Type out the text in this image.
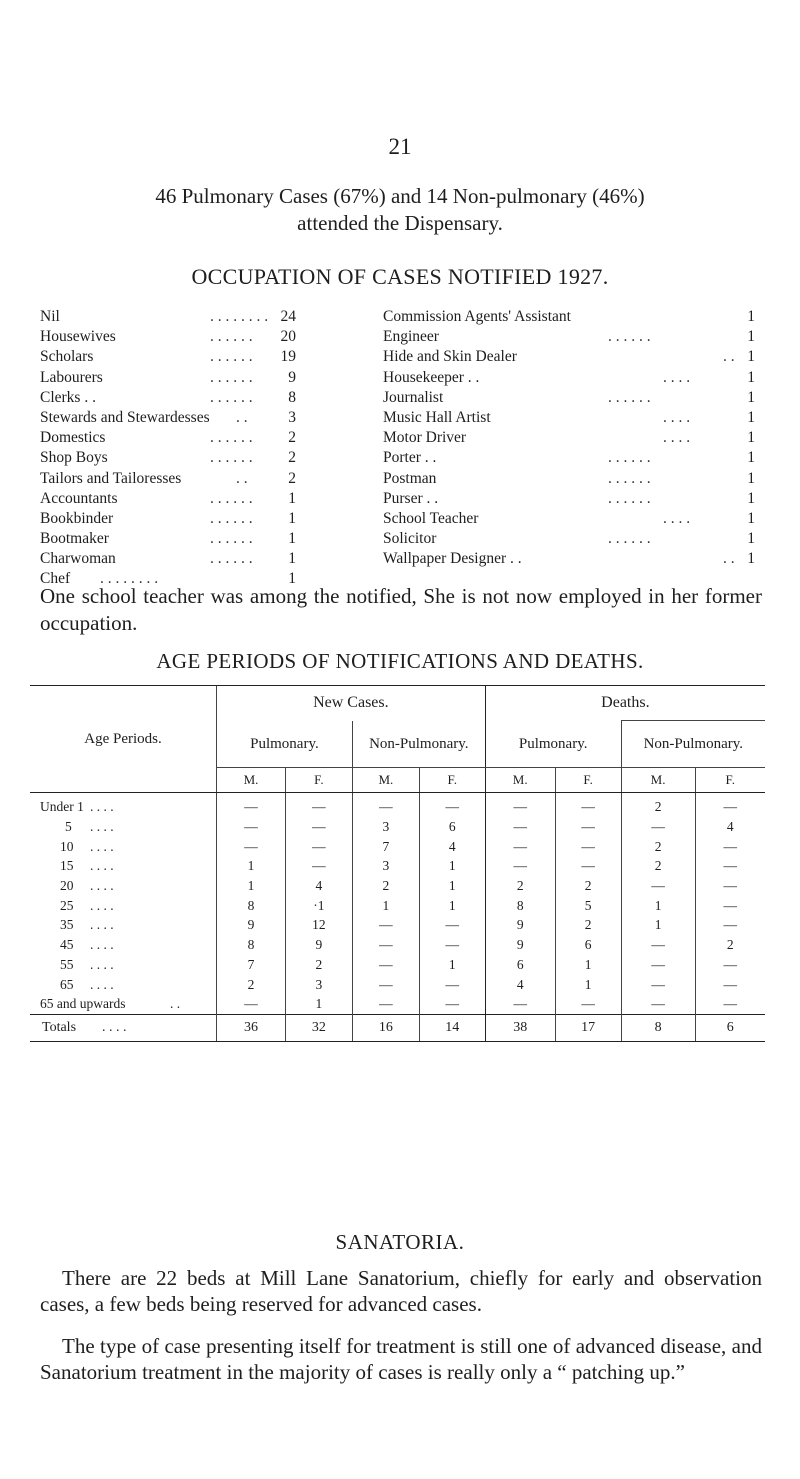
21
46 Pulmonary Cases (67%) and 14 Non-pulmonary (46%)
attended the Dispensary.
OCCUPATION OF CASES NOTIFIED 1927.
Nil	. . . . . . . . 24
Housewives	. . . . . . 20
Scholars	. . . . . . 19
Labourers	. . . . . . 9
Clerks . .	. . . . . . 8
Stewards and Stewardesses . .	3
Domestics	. . . . . . 2
Shop Boys	. . . . . . 2
Tailors and Tailoresses	. .	2
Accountants	. . . . . . 1
Bookbinder	. . . . . . 1
Bootmaker	. . . . . . 1
Charwoman	. . . . . . 1
Chef . . . . . . . .	1
Commission Agents' Assistant	1
Engineer	. . . . . .	1
Hide and Skin Dealer	. . 1
Housekeeper . .	. . . .	1
Journalist	. . . . . .	1
Music Hall Artist	. . . .	1
Motor Driver	. . . .	1
Porter . .	. . . . . .	1
Postman	. . . . . .	1
Purser . .	. . . . . .	1
School Teacher	. . . .	1
Solicitor	. . . . . .	1
Wallpaper Designer . .	. . 1
One school teacher was among the notified, She is not now employed in her former occupation.
AGE PERIODS OF NOTIFICATIONS AND DEATHS.
Age Periods.	New Cases.				Deaths.			
	Pulmonary.		Non-Pulmonary.		Pulmonary.		Non-Pulmonary.	
	M.	F.	M.	F.	M.	F.	M.	F.

Under 1 . . . .	—	—	—	—	—	—	2	—

5 . . . .	—	—	3	6	—	—	—	4

10 . . . .	—	—	7	4	—	—	2	—

15 . . . .	1	—	3	1	—	—	2	—

20 . . . .	1	4	2	1	2	2	—	—

25 . . . .	8	·1	1	1	8	5	1	—

35 . . . .	9	12	—	—	9	2	1	—

45 . . . .	8	9	—	—	9	6	—	2

55 . . . .	7	2	—	1	6	1	—	—

65 . . . .	2	3	—	—	4	1	—	—

65 and upwards . .	—	1	—	—	—	—	—	—

Totals . . . .	36	32	16	14	38	17	8	6
SANATORIA.
There are 22 beds at Mill Lane Sanatorium, chiefly for early and observation cases, a few beds being reserved for advanced cases.
The type of case presenting itself for treatment is still one of advanced disease, and Sanatorium treatment in the majority of cases is really only a “ patching up.”
